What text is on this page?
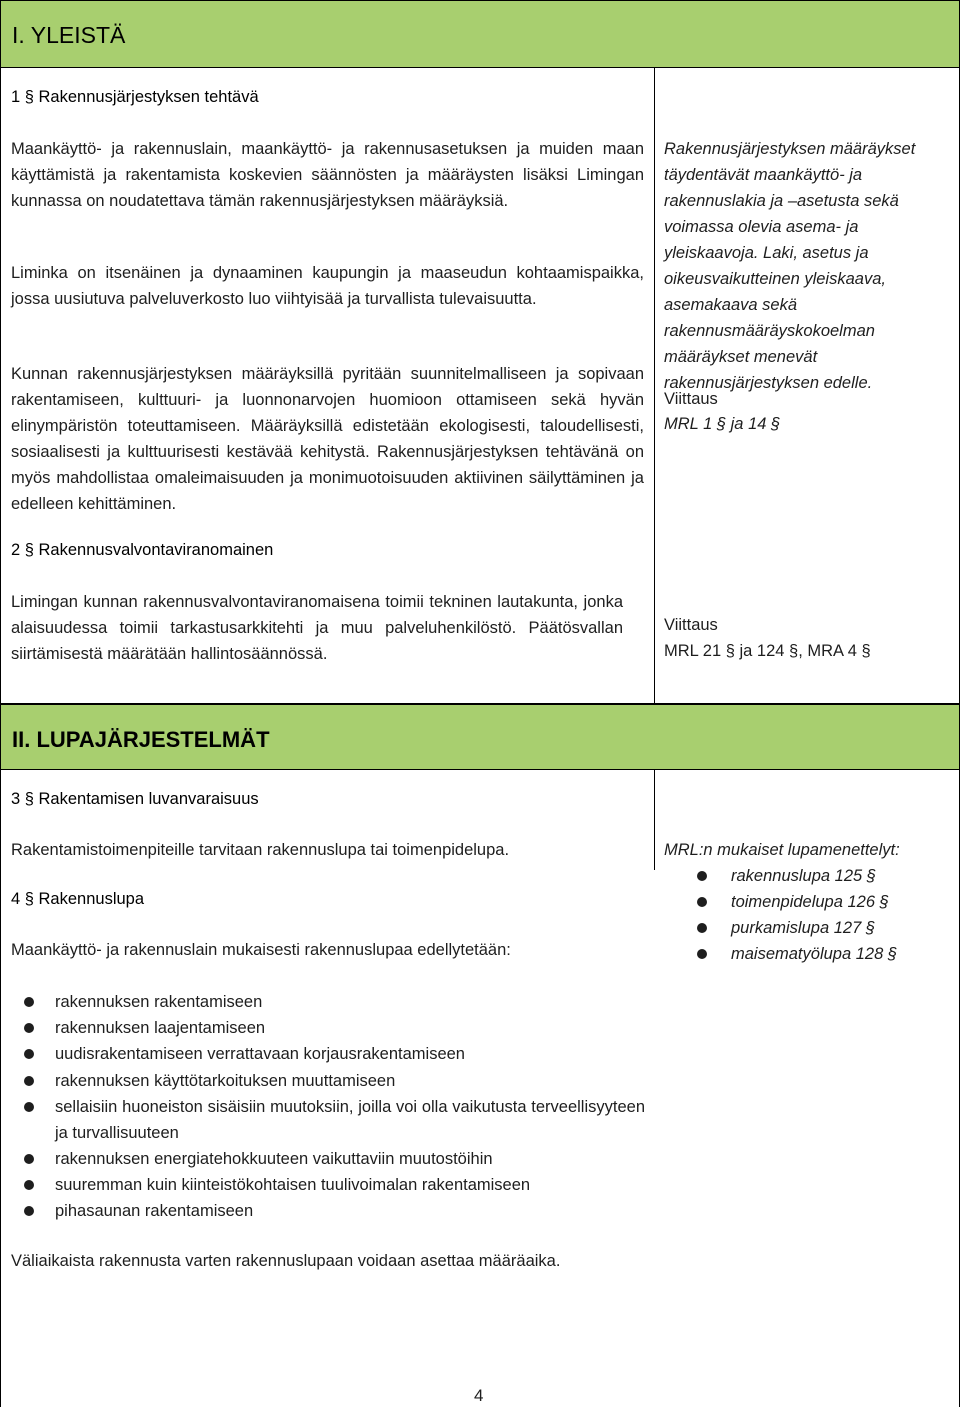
I. YLEISTÄ
1 § Rakennusjärjestyksen tehtävä
Maankäyttö- ja rakennuslain, maankäyttö- ja rakennusasetuksen ja muiden maan käyttämistä ja rakentamista koskevien säännösten ja määräysten lisäksi Limingan kunnassa on noudatettava tämän rakennusjärjestyksen määräyksiä.
Liminka on itsenäinen ja dynaaminen kaupungin ja maaseudun kohtaamispaikka, jossa uusiutuva palveluverkosto luo viihtyisää ja turvallista tulevaisuutta.
Kunnan rakennusjärjestyksen määräyksillä pyritään suunnitelmalliseen ja sopivaan rakentamiseen, kulttuuri- ja luonnonarvojen huomioon ottamiseen sekä hyvän elinympäristön toteuttamiseen. Määräyksillä edistetään ekologisesti, taloudellisesti, sosiaalisesti ja kulttuurisesti kestävää kehitystä. Rakennusjärjestyksen tehtävänä on myös mahdollistaa omaleimaisuuden ja monimuotoisuuden aktiivinen säilyttäminen ja edelleen kehittäminen.
Rakennusjärjestyksen määräykset täydentävät maankäyttö- ja rakennuslakia ja –asetusta sekä voimassa olevia asema- ja yleiskaavoja. Laki, asetus ja oikeusvaikutteinen yleiskaava, asemakaava sekä rakennusmääräyskokoelman määräykset menevät rakennusjärjestyksen edelle.
Viittaus
MRL 1 § ja 14 §
2 § Rakennusvalvontaviranomainen
Limingan kunnan rakennusvalvontaviranomaisena toimii tekninen lautakunta, jonka alaisuudessa toimii tarkastusarkkitehti ja muu palveluhenkilöstö. Päätösvallan siirtämisestä määrätään hallintosäännössä.
Viittaus
MRL 21 § ja 124 §, MRA 4 §
II. LUPAJÄRJESTELMÄT
3 § Rakentamisen luvanvaraisuus
Rakentamistoimenpiteille tarvitaan rakennuslupa tai toimenpidelupa.	MRL:n mukaiset lupamenettelyt:
rakennuslupa 125 §
toimenpidelupa 126 §
purkamislupa 127 §
maisematyölupa 128 §
4 § Rakennuslupa
Maankäyttö- ja rakennuslain mukaisesti rakennuslupaa edellytetään:
rakennuksen rakentamiseen
rakennuksen laajentamiseen
uudisrakentamiseen verrattavaan korjausrakentamiseen
rakennuksen käyttötarkoituksen muuttamiseen
sellaisiin huoneiston sisäisiin muutoksiin, joilla voi olla vaikutusta terveellisyyteen ja turvallisuuteen
rakennuksen energiatehokkuuteen vaikuttaviin muutostöihin
suuremman kuin kiinteistökohtaisen tuulivoimalan rakentamiseen
pihasaunan rakentamiseen
Väliaikaista rakennusta varten rakennuslupaan voidaan asettaa määräaika.
4
